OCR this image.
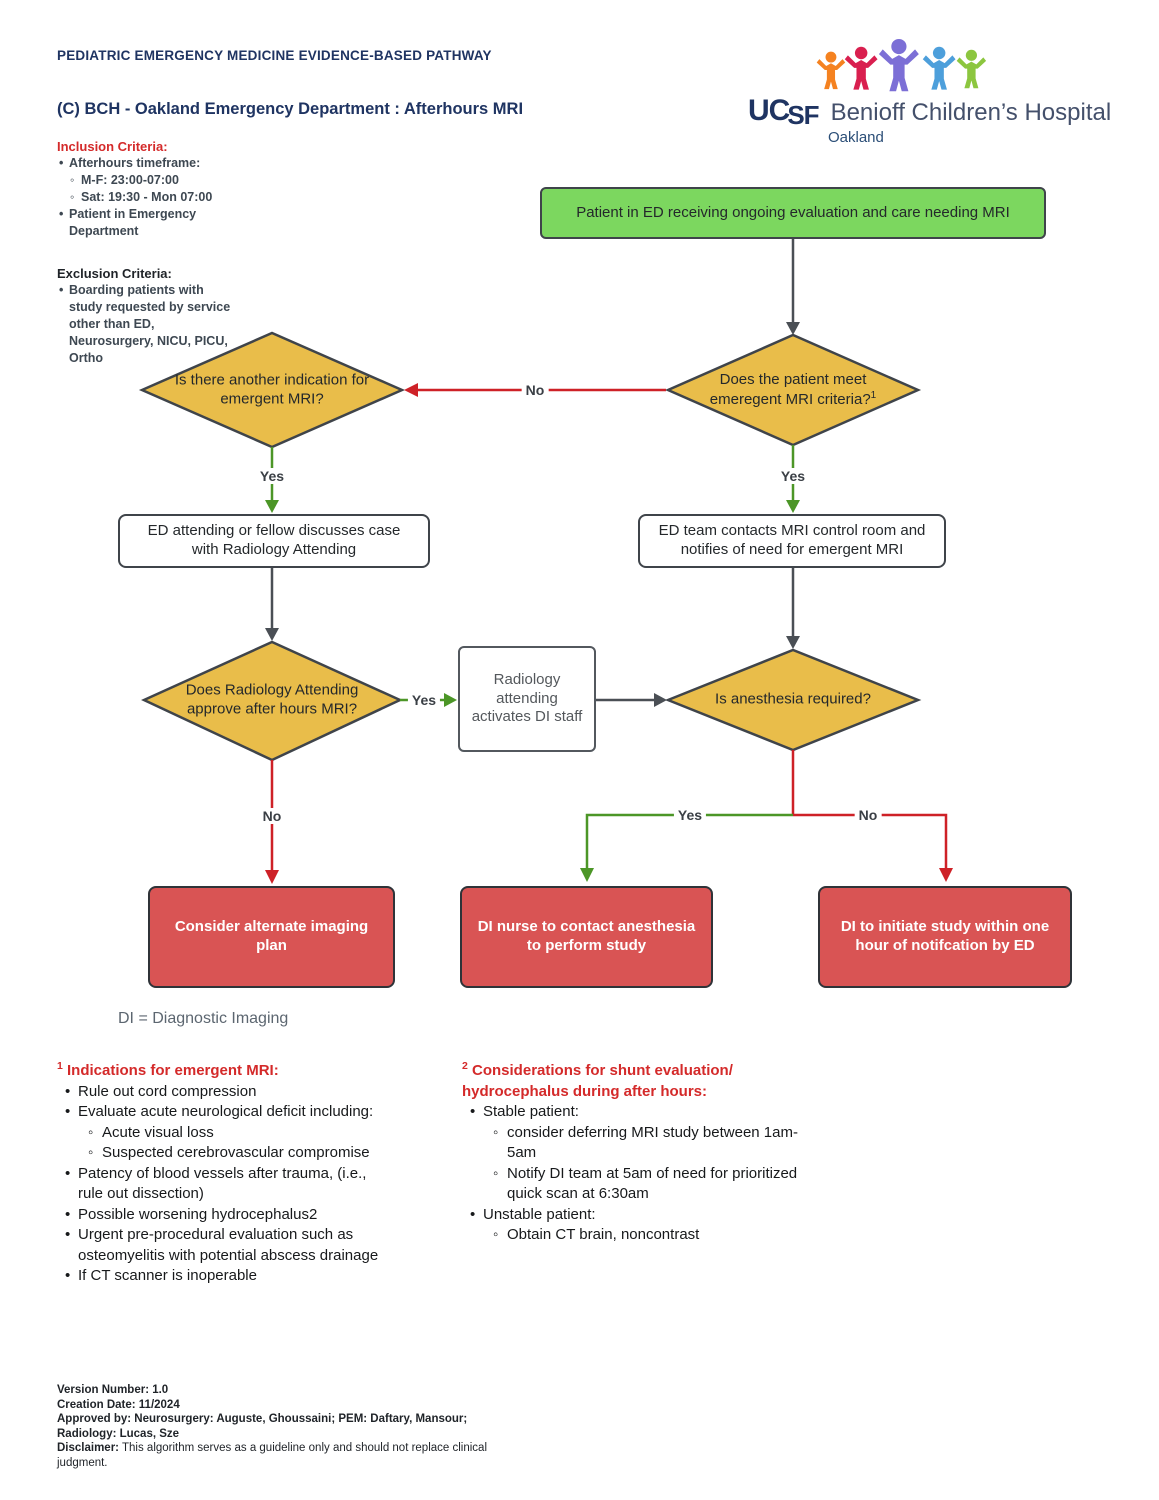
PEDIATRIC EMERGENCY MEDICINE EVIDENCE-BASED PATHWAY
(C) BCH - Oakland Emergency Department : Afterhours MRI	UCSF Benioff Children’s Hospital
Oakland
Inclusion Criteria:
• Afterhours timeframe:
◦ M-F: 23:00-07:00
◦ Sat: 19:30 - Mon 07:00
• Patient in Emergency Department
Exclusion Criteria:
• Boarding patients with study requested by service other than ED, Neurosurgery, NICU, PICU, Ortho
Patient in ED receiving ongoing evaluation and care needing MRI
Does the patient meet emeregent MRI criteria?$^1$
Is there another indication for emergent MRI?
ED attending or fellow discusses case with Radiology Attending
ED team contacts MRI control room and notifies of need for emergent MRI
Does Radiology Attending approve after hours MRI?
Radiology attending activates DI staff
Is anesthesia required?
Consider alternate imaging plan
DI nurse to contact anesthesia to perform study
DI to initiate study within one hour of notifcation by ED
No
Yes	Yes
Yes
No	Yes	No
DI = Diagnostic Imaging
$^1$ Indications for emergent MRI:
• Rule out cord compression
• Evaluate acute neurological deficit including:
◦ Acute visual loss
◦ Suspected cerebrovascular compromise
• Patency of blood vessels after trauma, (i.e., rule out dissection)
• Possible worsening hydrocephalus2
• Urgent pre-procedural evaluation such as osteomyelitis with potential abscess drainage
• If CT scanner is inoperable
$^2$ Considerations for shunt evaluation/ hydrocephalus during after hours:
• Stable patient:
◦ consider deferring MRI study between 1am-5am
◦ Notify DI team at 5am of need for prioritized quick scan at 6:30am
• Unstable patient:
◦ Obtain CT brain, noncontrast
Version Number: 1.0
Creation Date: 11/2024
Approved by: Neurosurgery: Auguste, Ghoussaini; PEM: Daftary, Mansour; Radiology: Lucas, Sze
Disclaimer: This algorithm serves as a guideline only and should not replace clinical judgment.
